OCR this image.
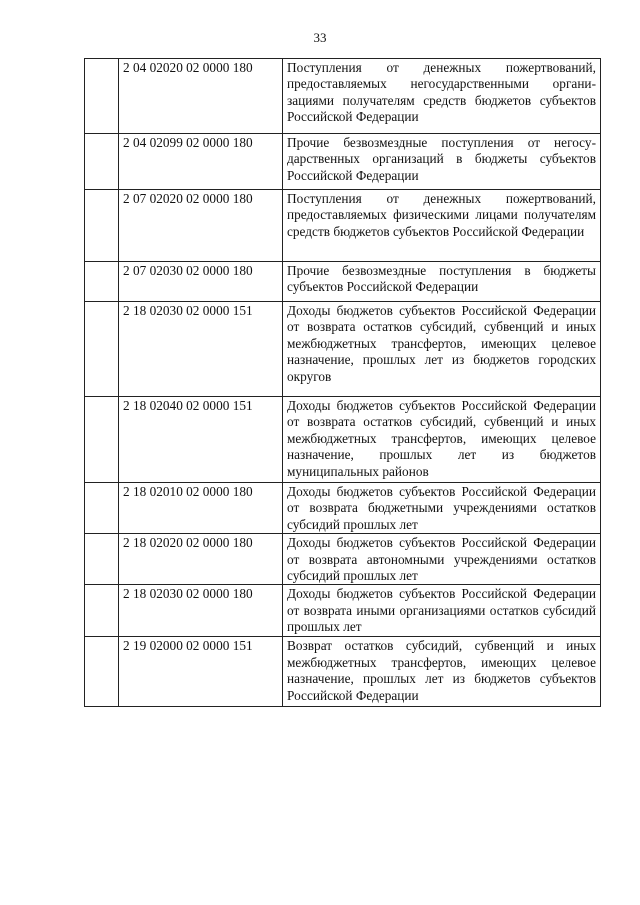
33
	2 04 02020 02 0000 180	Поступления от денежных пожертвований, предоставляемых негосударственными организациями получателям средств бюджетов субъектов Российской Федерации
	2 04 02099 02 0000 180	Прочие безвозмездные поступления от негосударственных организаций в бюджеты субъектов Российской Федерации
	2 07 02020 02 0000 180	Поступления от денежных пожертвований, предоставляемых физическими лицами получателям средств бюджетов субъектов Российской Федерации
	2 07 02030 02 0000 180	Прочие безвозмездные поступления в бюджеты субъектов Российской Федерации
	2 18 02030 02 0000 151	Доходы бюджетов субъектов Российской Федерации от возврата остатков субсидий, субвенций и иных межбюджетных трансфертов, имеющих целевое назначение, прошлых лет из бюджетов городских округов
	2 18 02040 02 0000 151	Доходы бюджетов субъектов Российской Федерации от возврата остатков субсидий, субвенций и иных межбюджетных трансфертов, имеющих целевое назначение, прошлых лет из бюджетов муниципальных районов
	2 18 02010 02 0000 180	Доходы бюджетов субъектов Российской Федерации от возврата бюджетными учреждениями остатков субсидий прошлых лет
	2 18 02020 02 0000 180	Доходы бюджетов субъектов Российской Федерации от возврата автономными учреждениями остатков субсидий прошлых лет
	2 18 02030 02 0000 180	Доходы бюджетов субъектов Российской Федерации от возврата иными организациями остатков субсидий прошлых лет
	2 19 02000 02 0000 151	Возврат остатков субсидий, субвенций и иных межбюджетных трансфертов, имеющих целевое назначение, прошлых лет из бюджетов субъектов Российской Федерации
